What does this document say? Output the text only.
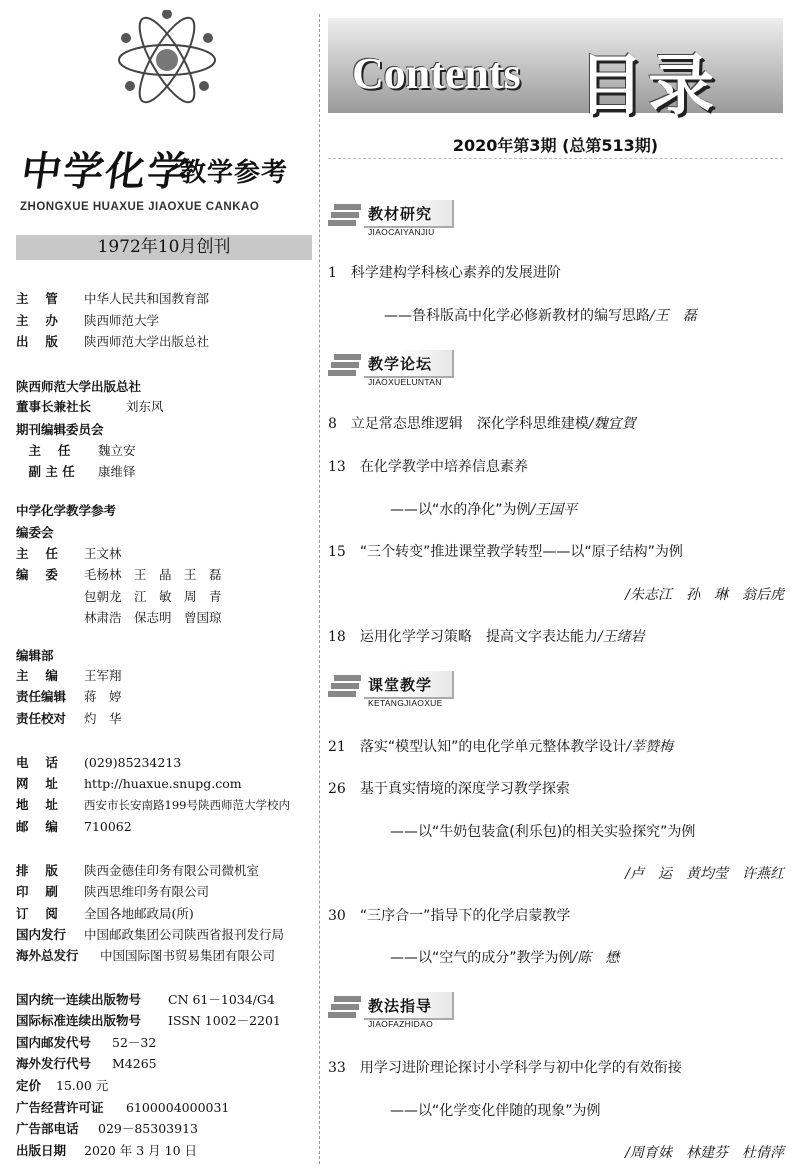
中学化学
教学参考
ZHONGXUE HUAXUE JIAOXUE CANKAO
1972年10月创刊
主　 管 中华人民共和国教育部
主　 办 陕西师范大学
出　 版 陕西师范大学出版总社
陕西师范大学出版总社
董事长兼社长	刘东风
期刊编辑委员会
　主　 任 魏立安
　副 主 任 康维铎
中学化学教学参考
编委会
主　 任 王文林
编　 委 毛杨林　王　晶　王　磊
包朝龙　江　敏　周　青
林肃浩　保志明　曾国琼
编辑部
主　 编 王军翔
责任编辑 蒋　婷
责任校对 灼　华
电　 话 (029)85234213
网　 址 http://huaxue.snupg.com
地　 址 西安市长安南路199号陕西师范大学校内
邮　 编 710062
排　 版 陕西金德佳印务有限公司微机室
印　 刷 陕西思维印务有限公司
订　 阅 全国各地邮政局(所)
国内发行 中国邮政集团公司陕西省报刊发行局
海外总发行 中国国际图书贸易集团有限公司
国内统一连续出版物号 CN 61－1034/G4
国际标准连续出版物号 ISSN 1002－2201
国内邮发代号 52－32
海外发行代号 M4265
定价 15.00 元
广告经营许可证 6100004000031
广告部电话 029－85303913
出版日期 2020 年 3 月 10 日
Contents 目录
2020年第3期 (总第513期)
教材研究
JIAOCAIYANJIU
1　 科学建构学科核心素养的发展进阶
——鲁科版高中化学必修新教材的编写思路/王　磊
教学论坛
JIAOXUELUNTAN
8　 立足常态思维逻辑　深化学科思维建模/魏宜賀
13　 在化学教学中培养信息素养
——以“水的净化”为例/王国平
15　 “三个转变”推进课堂教学转型——以“原子结构”为例
/朱志江　孙　琳　翁后虎
18　 运用化学学习策略　提高文字表达能力/王绪岩
课堂教学
KETANGJIAOXUE
21　 落实“模型认知”的电化学单元整体教学设计/莘赞梅
26　 基于真实情境的深度学习教学探索
——以“牛奶包装盒(利乐包)的相关实验探究”为例
/卢　运　黄均莹　许燕红
30　 “三序合一”指导下的化学启蒙教学
——以“空气的成分”教学为例/陈　懋
教法指导
JIAOFAZHIDAO
33　 用学习进阶理论探讨小学科学与初中化学的有效衔接
——以“化学变化伴随的现象”为例
/周育妹　林建芬　杜倩萍
